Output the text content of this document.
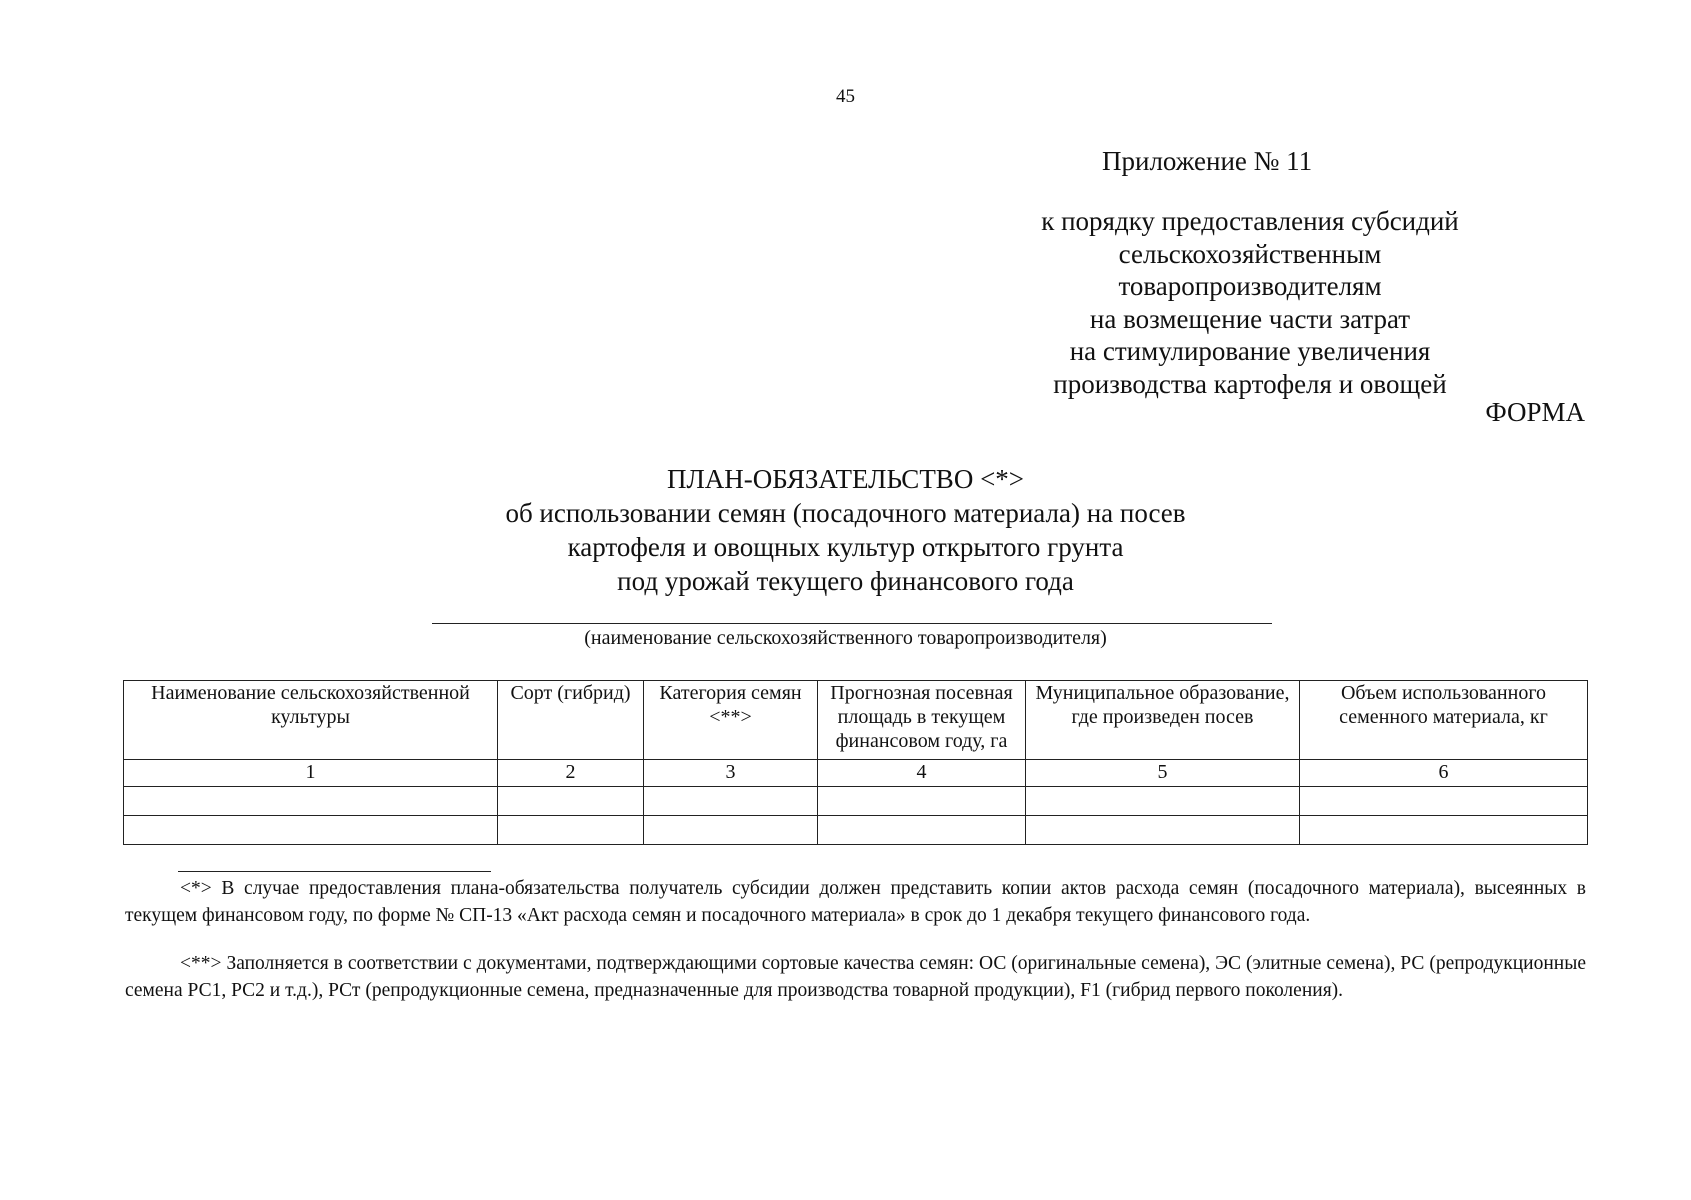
45
Приложение № 11
к порядку предоставления субсидий
сельскохозяйственным товаропроизводителям
на возмещение части затрат
на стимулирование увеличения
производства картофеля и овощей
ФОРМА
ПЛАН-ОБЯЗАТЕЛЬСТВО <*>
об использовании семян (посадочного материала) на посев
картофеля и овощных культур открытого грунта
под урожай текущего финансового года
(наименование сельскохозяйственного товаропроизводителя)
Наименование сельскохозяйственной культуры	Сорт (гибрид)	Категория семян <**>	Прогнозная посевная площадь в текущем финансовом году, га	Муниципальное образование, где произведен посев	Объем использованного семенного материала, кг
1	2	3	4	5	6

<*> В случае предоставления плана-обязательства получатель субсидии должен представить копии актов расхода семян (посадочного материала), высеянных в текущем финансовом году, по форме № СП-13 «Акт расхода семян и посадочного материала» в срок до 1 декабря текущего финансового года.

<**> Заполняется в соответствии с документами, подтверждающими сортовые качества семян: ОС (оригинальные семена), ЭС (элитные семена), РС (репродукционные семена РС1, РС2 и т.д.), РСт (репродукционные семена, предназначенные для производства товарной продукции), F1 (гибрид первого поколения).
